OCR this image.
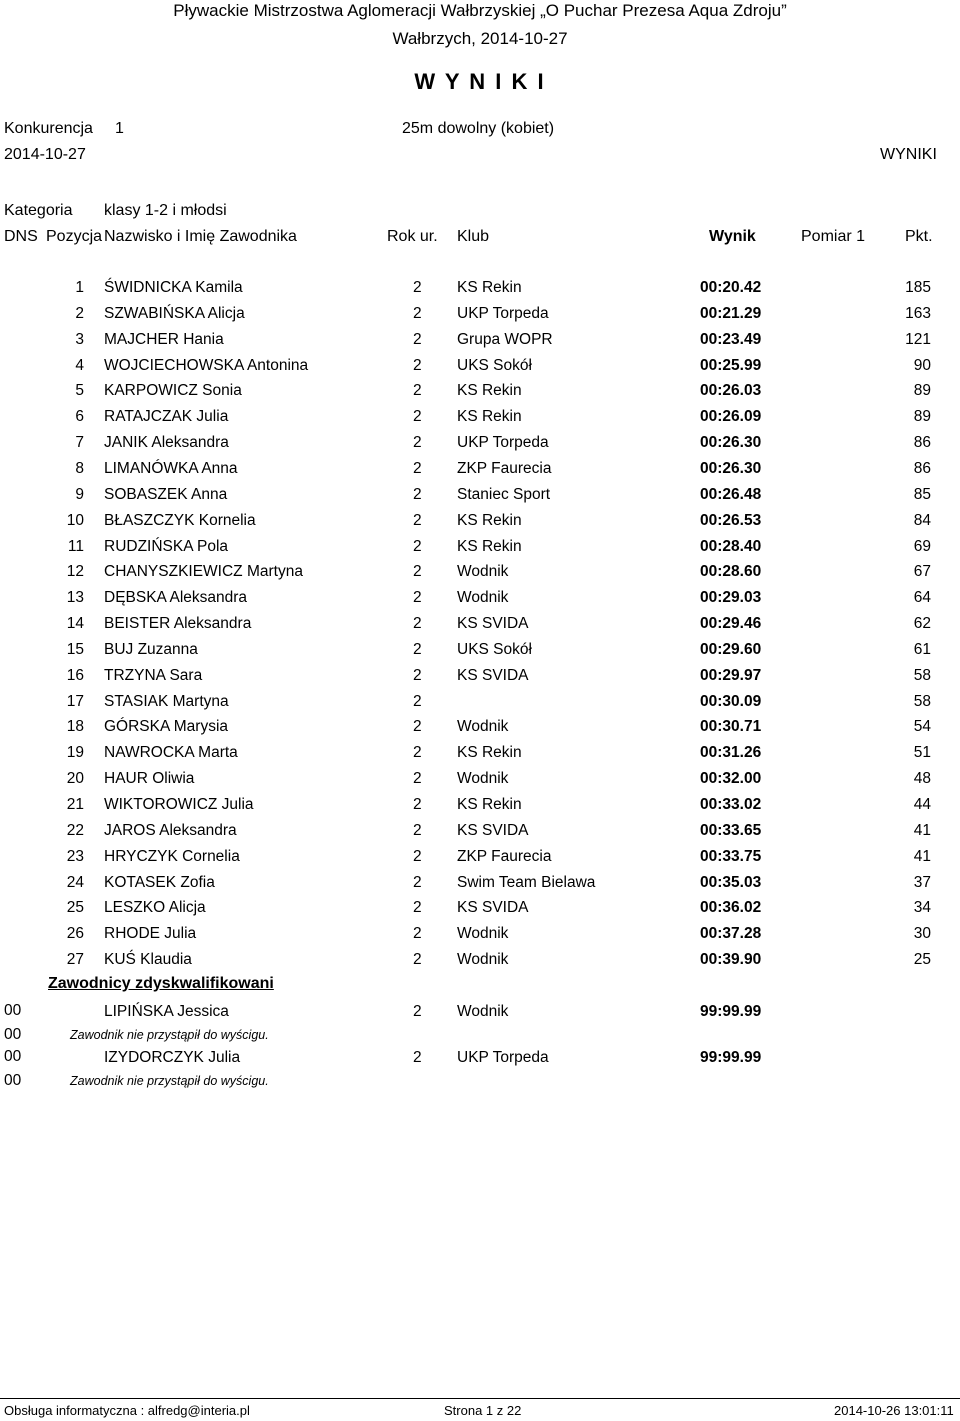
Pływackie Mistrzostwa Aglomeracji Wałbrzyskiej „O Puchar Prezesa Aqua Zdroju”
Wałbrzych, 2014-10-27
W Y N I K I
Konkurencja 1	25m dowolny (kobiet)
2014-10-27	WYNIKI
Kategoria klasy 1-2 i młodsi
DNS Pozycja Nazwisko i Imię Zawodnika	Rok ur. Klub	Wynik	Pomiar 1 Pkt.
1 ŚWIDNICKA Kamila	2 KS Rekin	00:20.42	185
2 SZWABIŃSKA Alicja	2 UKP Torpeda	00:21.29	163
3 MAJCHER Hania	2 Grupa WOPR	00:23.49	121
4 WOJCIECHOWSKA Antonina	2 UKS Sokół	00:25.99	90
5 KARPOWICZ Sonia	2 KS Rekin	00:26.03	89
6 RATAJCZAK Julia	2 KS Rekin	00:26.09	89
7 JANIK Aleksandra	2 UKP Torpeda	00:26.30	86
8 LIMANÓWKA Anna	2 ZKP Faurecia	00:26.30	86
9 SOBASZEK Anna	2 Staniec Sport	00:26.48	85
10 BŁASZCZYK Kornelia	2 KS Rekin	00:26.53	84
11 RUDZIŃSKA Pola	2 KS Rekin	00:28.40	69
12 CHANYSZKIEWICZ Martyna	2 Wodnik	00:28.60	67
13 DĘBSKA Aleksandra	2 Wodnik	00:29.03	64
14 BEISTER Aleksandra	2 KS SVIDA	00:29.46	62
15 BUJ Zuzanna	2 UKS Sokół	00:29.60	61
16 TRZYNA Sara	2 KS SVIDA	00:29.97	58
17 STASIAK Martyna	2	00:30.09	58
18 GÓRSKA Marysia	2 Wodnik	00:30.71	54
19 NAWROCKA Marta	2 KS Rekin	00:31.26	51
20 HAUR Oliwia	2 Wodnik	00:32.00	48
21 WIKTOROWICZ Julia	2 KS Rekin	00:33.02	44
22 JAROS Aleksandra	2 KS SVIDA	00:33.65	41
23 HRYCZYK Cornelia	2 ZKP Faurecia	00:33.75	41
24 KOTASEK Zofia	2 Swim Team Bielawa	00:35.03	37
25 LESZKO Alicja	2 KS SVIDA	00:36.02	34
26 RHODE Julia	2 Wodnik	00:37.28	30
27 KUŚ Klaudia	2 Wodnik	00:39.90	25
Zawodnicy zdyskwalifikowani
00	LIPIŃSKA Jessica	2 Wodnik	99:99.99
00	Zawodnik nie przystąpił do wyścigu.
00	IZYDORCZYK Julia	2 UKP Torpeda	99:99.99
00	Zawodnik nie przystąpił do wyścigu.
Obsługa informatyczna : alfredg@interia.pl	Strona 1 z 22	2014-10-26 13:01:11
